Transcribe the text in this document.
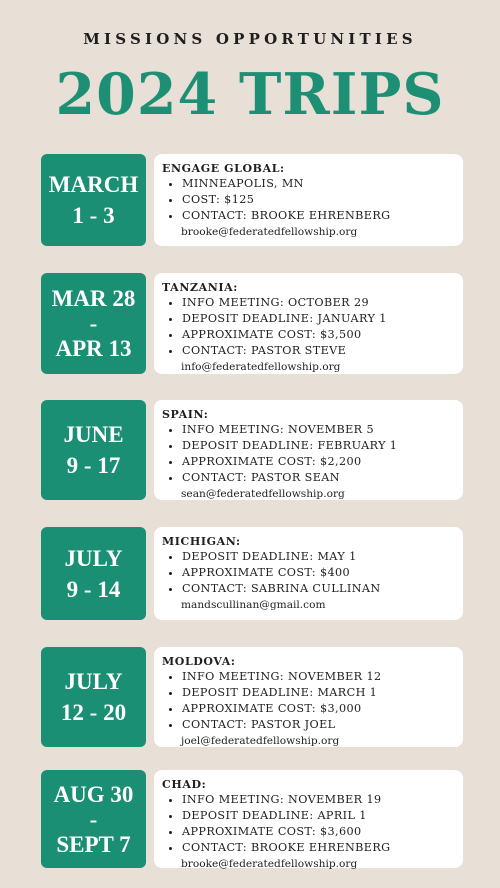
MISSIONS OPPORTUNITIES
2024 TRIPS
MARCH
1 - 3
ENGAGE GLOBAL:
• MINNEAPOLIS, MN
• COST: $125
• CONTACT: BROOKE EHRENBERG
brooke@federatedfellowship.org
MAR 28
-
APR 13
TANZANIA:
• INFO MEETING: OCTOBER 29
• DEPOSIT DEADLINE: JANUARY 1
• APPROXIMATE COST: $3,500
• CONTACT: PASTOR STEVE
info@federatedfellowship.org
JUNE
9 - 17
SPAIN:
• INFO MEETING: NOVEMBER 5
• DEPOSIT DEADLINE: FEBRUARY 1
• APPROXIMATE COST: $2,200
• CONTACT: PASTOR SEAN
sean@federatedfellowship.org
JULY
9 - 14
MICHIGAN:
• DEPOSIT DEADLINE: MAY 1
• APPROXIMATE COST: $400
• CONTACT: SABRINA CULLINAN
mandscullinan@gmail.com
JULY
12 - 20
MOLDOVA:
• INFO MEETING: NOVEMBER 12
• DEPOSIT DEADLINE: MARCH 1
• APPROXIMATE COST: $3,000
• CONTACT: PASTOR JOEL
joel@federatedfellowship.org
AUG 30
-
SEPT 7
CHAD:
• INFO MEETING: NOVEMBER 19
• DEPOSIT DEADLINE: APRIL 1
• APPROXIMATE COST: $3,600
• CONTACT: BROOKE EHRENBERG
brooke@federatedfellowship.org
